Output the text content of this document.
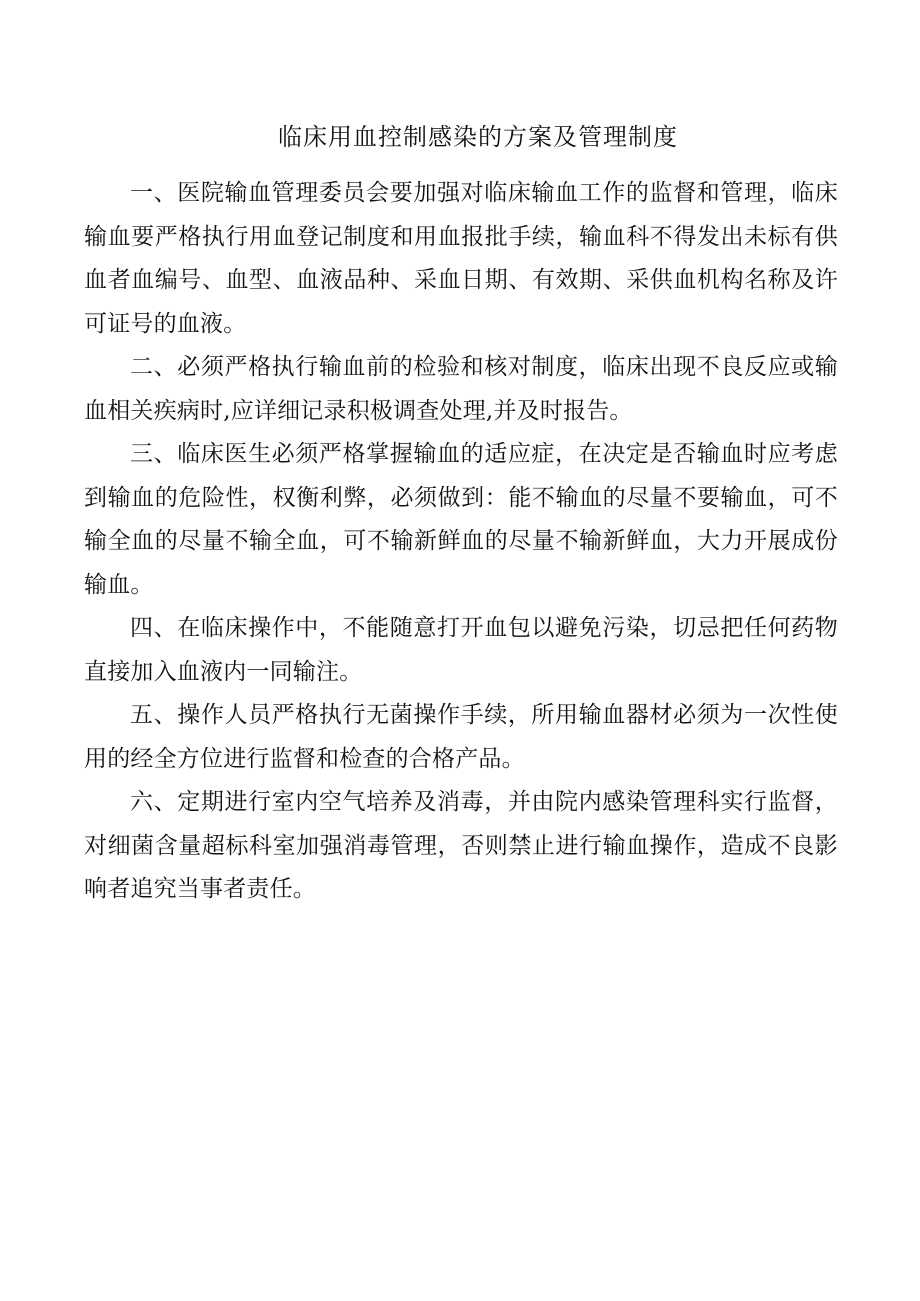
临床用血控制感染的方案及管理制度

一、医院输血管理委员会要加强对临床输血工作的监督和管理，临床输血要严格执行用血登记制度和用血报批手续，输血科不得发出未标有供血者血编号、血型、血液品种、采血日期、有效期、采供血机构名称及许可证号的血液。

二、必须严格执行输血前的检验和核对制度，临床出现不良反应或输血相关疾病时,应详细记录积极调查处理,并及时报告。

三、临床医生必须严格掌握输血的适应症，在决定是否输血时应考虑到输血的危险性，权衡利弊，必须做到：能不输血的尽量不要输血，可不输全血的尽量不输全血，可不输新鲜血的尽量不输新鲜血，大力开展成份输血。

四、在临床操作中，不能随意打开血包以避免污染，切忌把任何药物直接加入血液内一同输注。

五、操作人员严格执行无菌操作手续，所用输血器材必须为一次性使用的经全方位进行监督和检查的合格产品。

六、定期进行室内空气培养及消毒，并由院内感染管理科实行监督，对细菌含量超标科室加强消毒管理，否则禁止进行输血操作，造成不良影响者追究当事者责任。
